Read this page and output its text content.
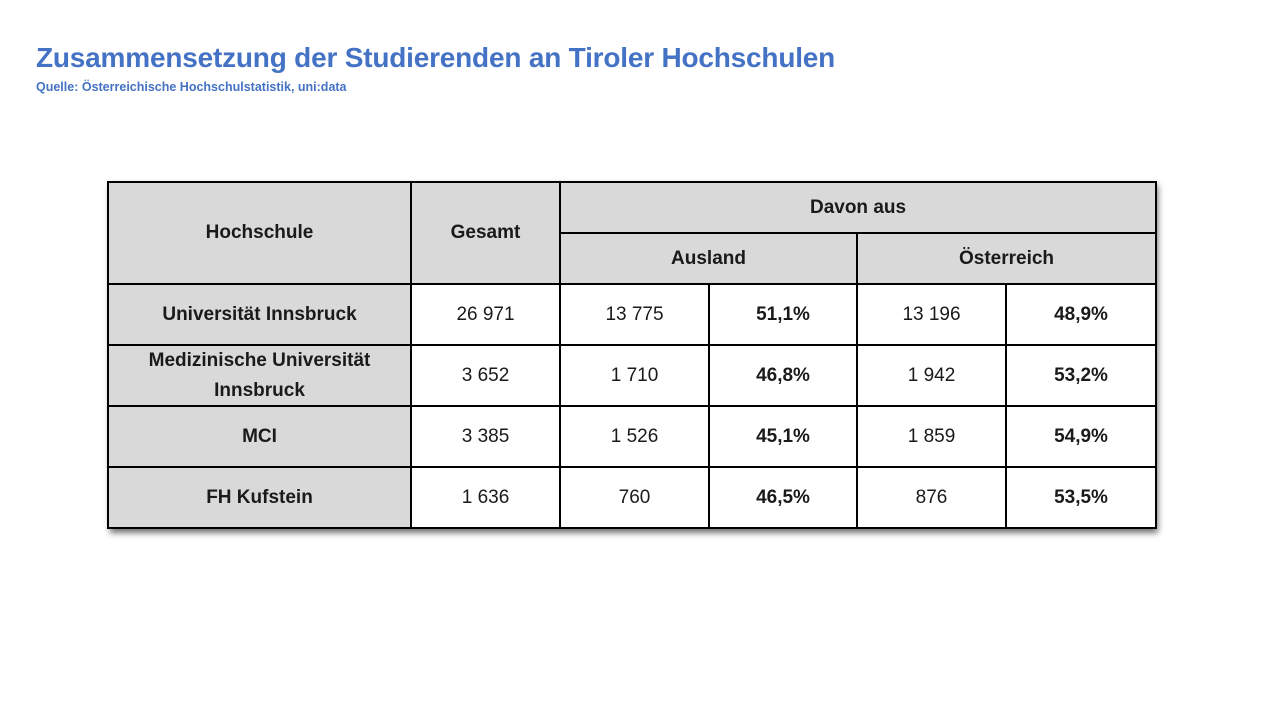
Zusammensetzung der Studierenden an Tiroler Hochschulen

Quelle: Österreichische Hochschulstatistik, uni:data

Hochschule	Gesamt	Davon aus			
		Ausland		Österreich	
Universität Innsbruck	26 971	13 775	51,1%	13 196	48,9%
Medizinische Universität Innsbruck	3 652	1 710	46,8%	1 942	53,2%
MCI	3 385	1 526	45,1%	1 859	54,9%
FH Kufstein	1 636	760	46,5%	876	53,5%
